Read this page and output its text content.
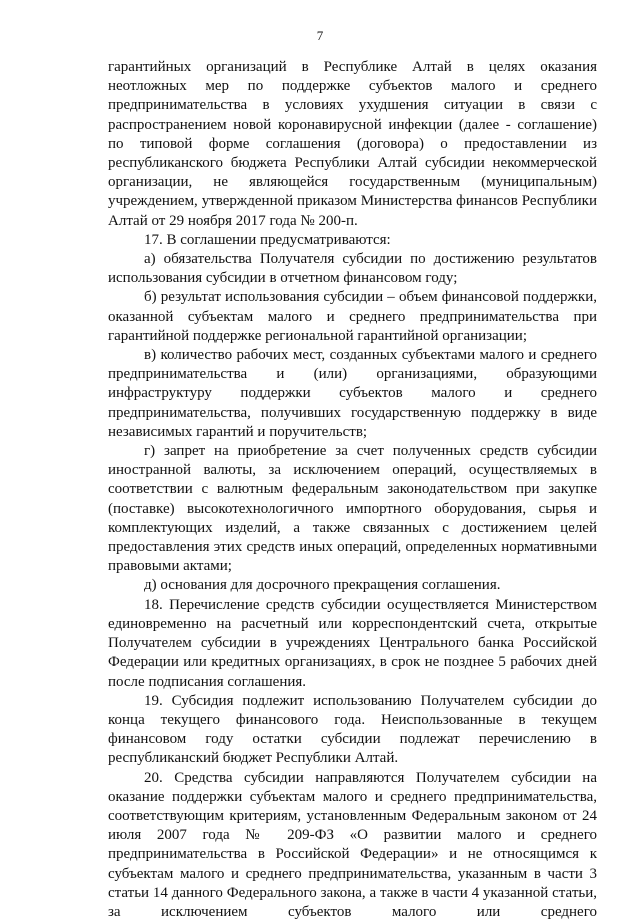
7

гарантийных организаций в Республике Алтай в целях оказания неотложных мер по поддержке субъектов малого и среднего предпринимательства в условиях ухудшения ситуации в связи с распространением новой коронавирусной инфекции (далее - соглашение) по типовой форме соглашения (договора) о предоставлении из республиканского бюджета Республики Алтай субсидии некоммерческой организации, не являющейся государственным (муниципальным) учреждением, утвержденной приказом Министерства финансов Республики Алтай от 29 ноября 2017 года № 200-п.

17. В соглашении предусматриваются:

а) обязательства Получателя субсидии по достижению результатов использования субсидии в отчетном финансовом году;

б) результат использования субсидии – объем финансовой поддержки, оказанной субъектам малого и среднего предпринимательства при гарантийной поддержке региональной гарантийной организации;

в) количество рабочих мест, созданных субъектами малого и среднего предпринимательства и (или) организациями, образующими инфраструктуру поддержки субъектов малого и среднего предпринимательства, получивших государственную поддержку в виде независимых гарантий и поручительств;

г) запрет на приобретение за счет полученных средств субсидии иностранной валюты, за исключением операций, осуществляемых в соответствии с валютным федеральным законодательством при закупке (поставке) высокотехнологичного импортного оборудования, сырья и комплектующих изделий, а также связанных с достижением целей предоставления этих средств иных операций, определенных нормативными правовыми актами;

д) основания для досрочного прекращения соглашения.

18. Перечисление средств субсидии осуществляется Министерством единовременно на расчетный или корреспондентский счета, открытые Получателем субсидии в учреждениях Центрального банка Российской Федерации или кредитных организациях, в срок не позднее 5 рабочих дней после подписания соглашения.

19. Субсидия подлежит использованию Получателем субсидии до конца текущего финансового года. Неиспользованные в текущем финансовом году остатки субсидии подлежат перечислению в республиканский бюджет Республики Алтай.

20. Средства субсидии направляются Получателем субсидии на оказание поддержки субъектам малого и среднего предпринимательства, соответствующим критериям, установленным Федеральным законом от 24 июля 2007 года № 209-ФЗ «О развитии малого и среднего предпринимательства в Российской Федерации» и не относящимся к субъектам малого и среднего предпринимательства, указанным в части 3 статьи 14 данного Федерального закона, а также в части 4 указанной статьи, за исключением субъектов малого или среднего
